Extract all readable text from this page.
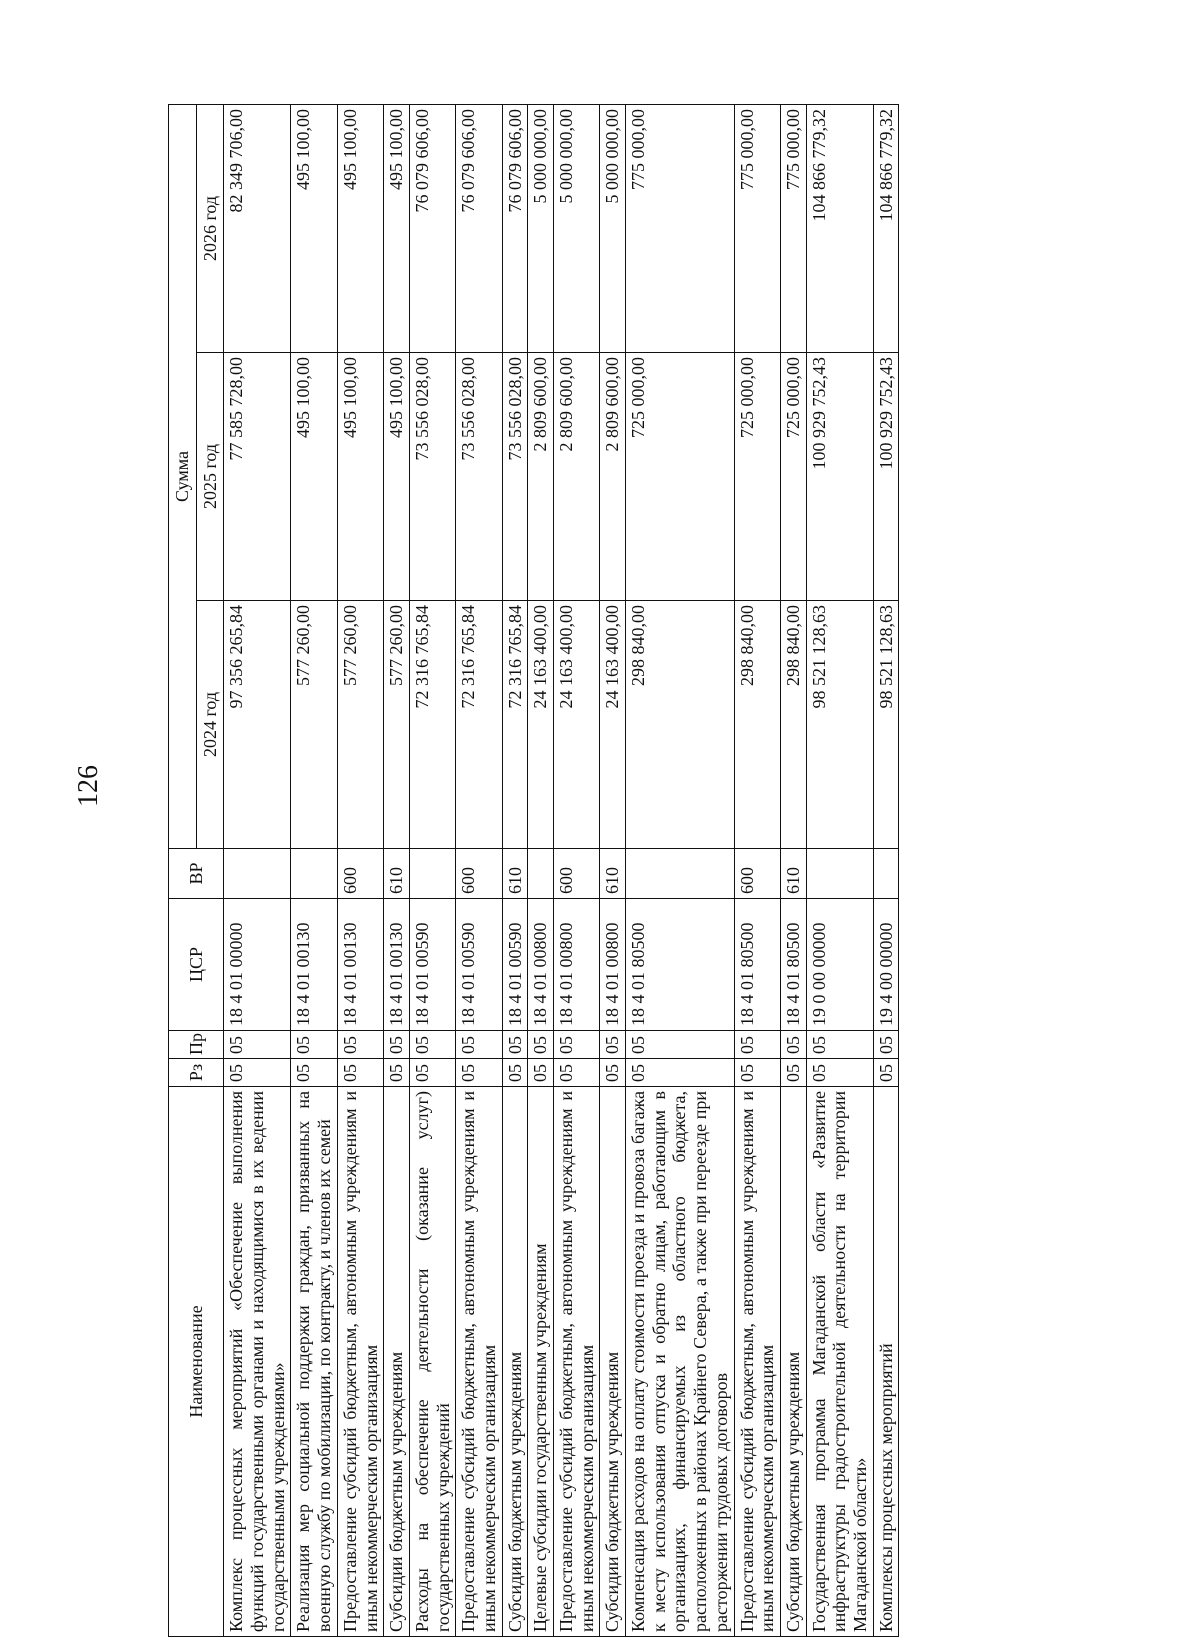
126
Наименование	Рз	Пр	ЦСР	ВР	Сумма		
					2024 год	2025 год	2026 год
Комплекс процессных мероприятий «Обеспечение выполнения функций государственными органами и находящимися в их ведении государственными учреждениями»	05	05	18 4 01 00000		97 356 265,84	77 585 728,00	82 349 706,00
Реализация мер социальной поддержки граждан, призванных на военную службу по мобилизации, по контракту, и членов их семей	05	05	18 4 01 00130		577 260,00	495 100,00	495 100,00
Предоставление субсидий бюджетным, автономным учреждениям и иным некоммерческим организациям	05	05	18 4 01 00130	600	577 260,00	495 100,00	495 100,00
Субсидии бюджетным учреждениям	05	05	18 4 01 00130	610	577 260,00	495 100,00	495 100,00
Расходы на обеспечение деятельности (оказание услуг) государственных учреждений	05	05	18 4 01 00590		72 316 765,84	73 556 028,00	76 079 606,00
Предоставление субсидий бюджетным, автономным учреждениям и иным некоммерческим организациям	05	05	18 4 01 00590	600	72 316 765,84	73 556 028,00	76 079 606,00
Субсидии бюджетным учреждениям	05	05	18 4 01 00590	610	72 316 765,84	73 556 028,00	76 079 606,00
Целевые субсидии государственным учреждениям	05	05	18 4 01 00800		24 163 400,00	2 809 600,00	5 000 000,00
Предоставление субсидий бюджетным, автономным учреждениям и иным некоммерческим организациям	05	05	18 4 01 00800	600	24 163 400,00	2 809 600,00	5 000 000,00
Субсидии бюджетным учреждениям	05	05	18 4 01 00800	610	24 163 400,00	2 809 600,00	5 000 000,00
Компенсация расходов на оплату стоимости проезда и провоза багажа к месту использования отпуска и обратно лицам, работающим в организациях, финансируемых из областного бюджета, расположенных в районах Крайнего Севера, а также при переезде при расторжении трудовых договоров	05	05	18 4 01 80500		298 840,00	725 000,00	775 000,00
Предоставление субсидий бюджетным, автономным учреждениям и иным некоммерческим организациям	05	05	18 4 01 80500	600	298 840,00	725 000,00	775 000,00
Субсидии бюджетным учреждениям	05	05	18 4 01 80500	610	298 840,00	725 000,00	775 000,00
Государственная программа Магаданской области «Развитие инфраструктуры градостроительной деятельности на территории Магаданской области»	05	05	19 0 00 00000		98 521 128,63	100 929 752,43	104 866 779,32
Комплексы процессных мероприятий	05	05	19 4 00 00000		98 521 128,63	100 929 752,43	104 866 779,32
